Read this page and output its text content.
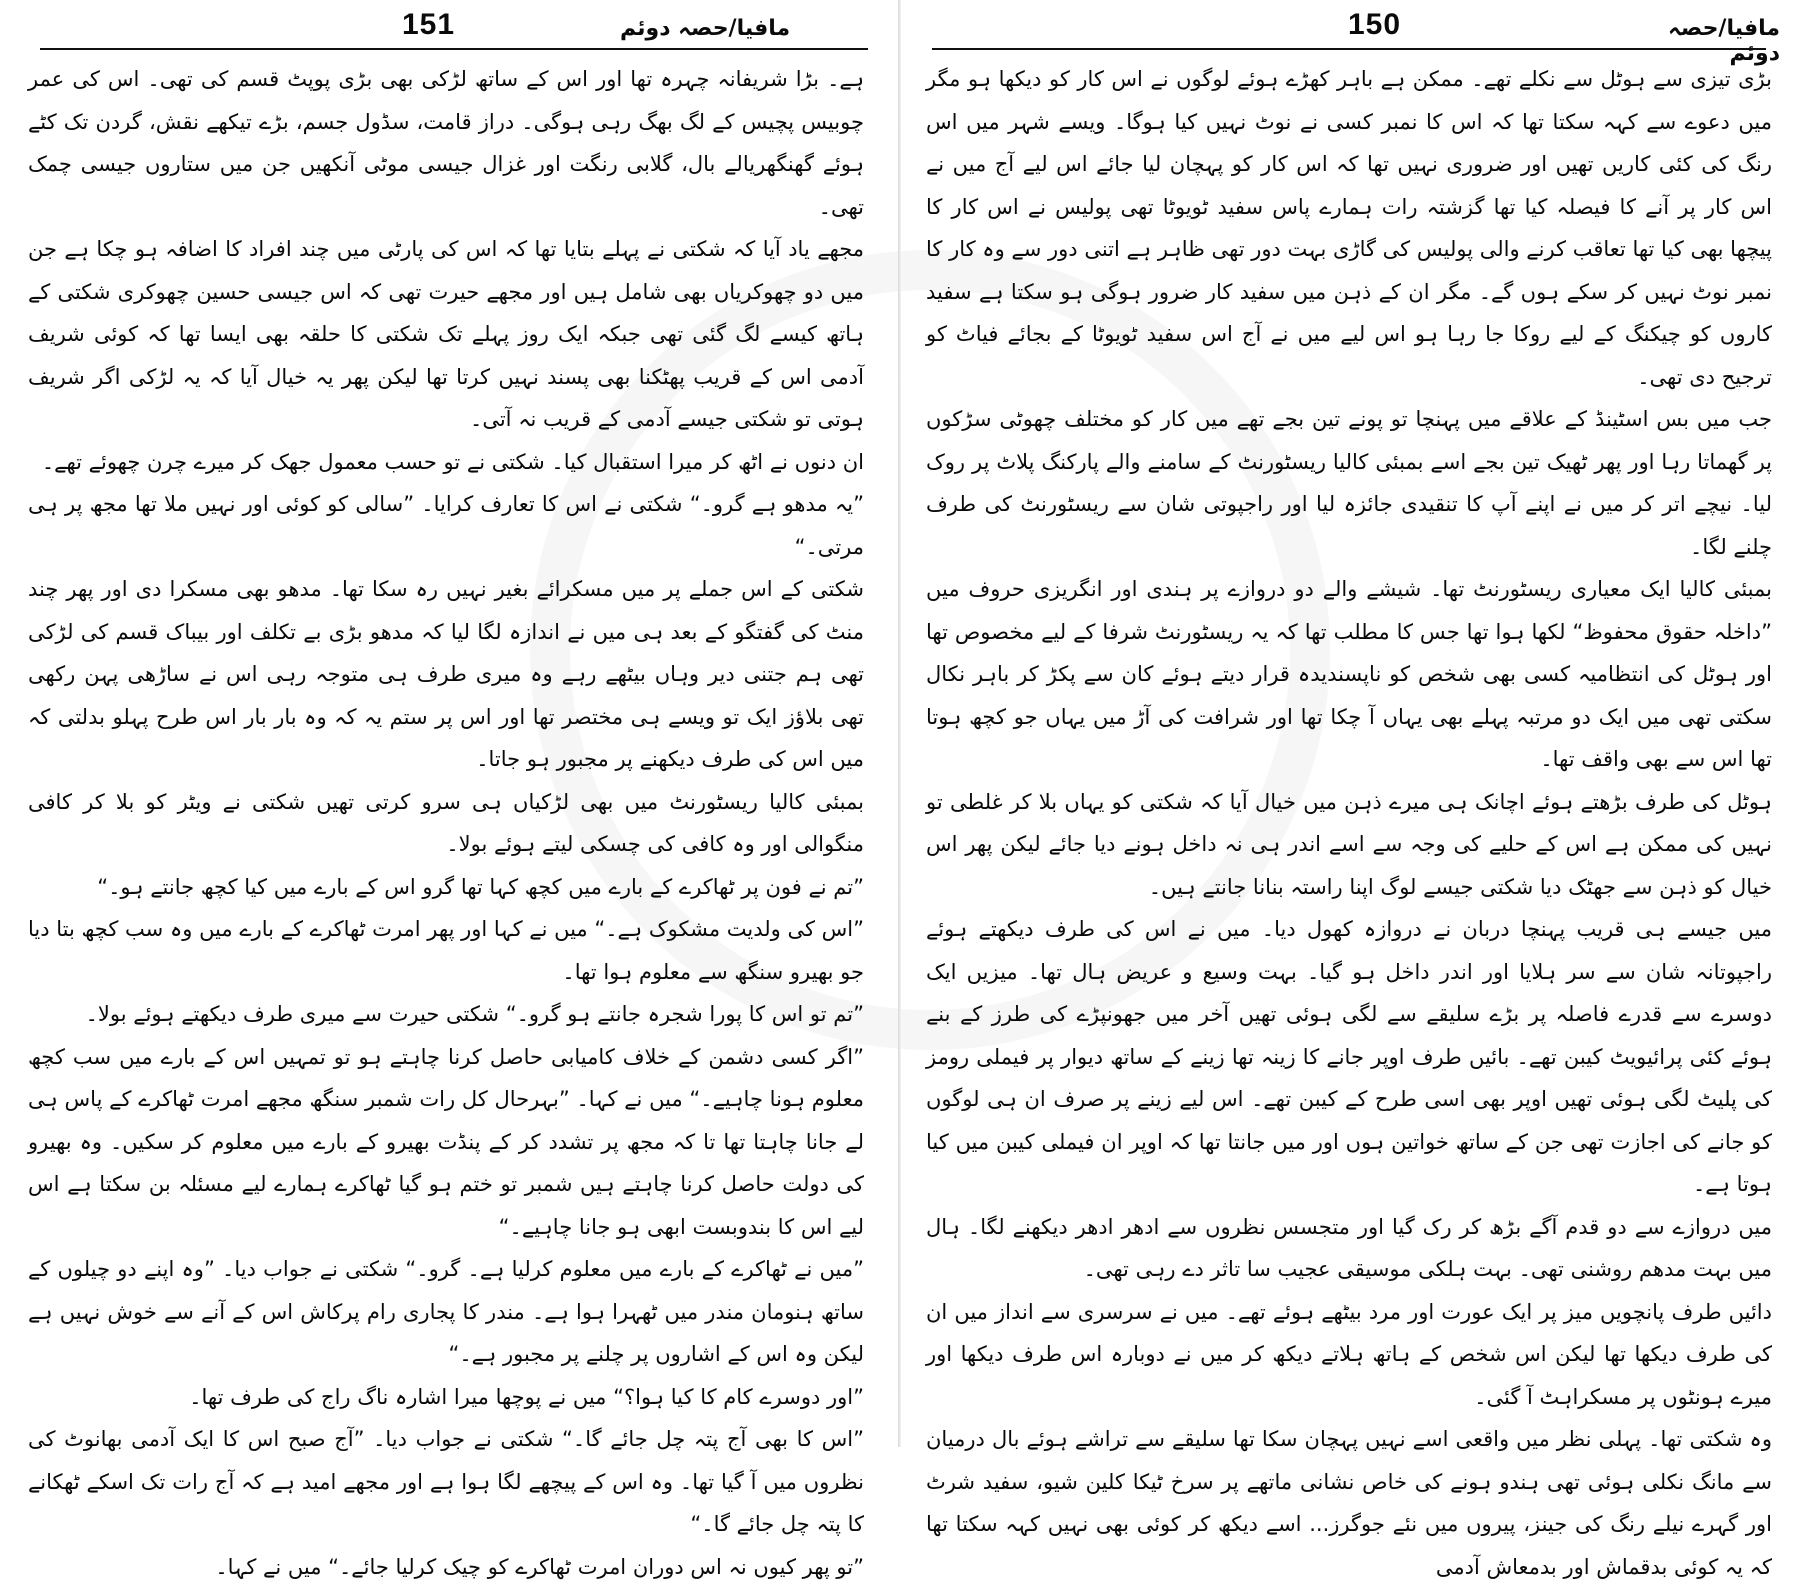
151	مافیا/حصہ دوئم

ہے۔ بڑا شریفانہ چہرہ تھا اور اس کے ساتھ لڑکی بھی بڑی پوپٹ قسم کی تھی۔ اس کی عمر چوبیس پچیس کے لگ بھگ رہی ہوگی۔ دراز قامت، سڈول جسم، بڑے تیکھے نقش، گردن تک کٹے ہوئے گھنگھریالے بال، گلابی رنگت اور غزال جیسی موٹی آنکھیں جن میں ستاروں جیسی چمک تھی۔

مجھے یاد آیا کہ شکتی نے پہلے بتایا تھا کہ اس کی پارٹی میں چند افراد کا اضافہ ہو چکا ہے جن میں دو چھوکریاں بھی شامل ہیں اور مجھے حیرت تھی کہ اس جیسی حسین چھوکری شکتی کے ہاتھ کیسے لگ گئی تھی جبکہ ایک روز پہلے تک شکتی کا حلقہ بھی ایسا تھا کہ کوئی شریف آدمی اس کے قریب پھٹکنا بھی پسند نہیں کرتا تھا لیکن پھر یہ خیال آیا کہ یہ لڑکی اگر شریف ہوتی تو شکتی جیسے آدمی کے قریب نہ آتی۔

ان دنوں نے اٹھ کر میرا استقبال کیا۔ شکتی نے تو حسب معمول جھک کر میرے چرن چھوئے تھے۔

”یہ مدھو ہے گرو۔“ شکتی نے اس کا تعارف کرایا۔ ”سالی کو کوئی اور نہیں ملا تھا مجھ پر ہی مرتی۔“

شکتی کے اس جملے پر میں مسکرائے بغیر نہیں رہ سکا تھا۔ مدھو بھی مسکرا دی اور پھر چند منٹ کی گفتگو کے بعد ہی میں نے اندازہ لگا لیا کہ مدھو بڑی بے تکلف اور بیباک قسم کی لڑکی تھی ہم جتنی دیر وہاں بیٹھے رہے وہ میری طرف ہی متوجہ رہی اس نے ساڑھی پہن رکھی تھی بلاؤز ایک تو ویسے ہی مختصر تھا اور اس پر ستم یہ کہ وہ بار بار اس طرح پہلو بدلتی کہ میں اس کی طرف دیکھنے پر مجبور ہو جاتا۔

بمبئی کالیا ریسٹورنٹ میں بھی لڑکیاں ہی سرو کرتی تھیں شکتی نے ویٹر کو بلا کر کافی منگوالی اور وہ کافی کی چسکی لیتے ہوئے بولا۔

”تم نے فون پر ٹھاکرے کے بارے میں کچھ کہا تھا گرو اس کے بارے میں کیا کچھ جانتے ہو۔“

”اس کی ولدیت مشکوک ہے۔“ میں نے کہا اور پھر امرت ٹھاکرے کے بارے میں وہ سب کچھ بتا دیا جو بھیرو سنگھ سے معلوم ہوا تھا۔

”تم تو اس کا پورا شجرہ جانتے ہو گرو۔“ شکتی حیرت سے میری طرف دیکھتے ہوئے بولا۔

”اگر کسی دشمن کے خلاف کامیابی حاصل کرنا چاہتے ہو تو تمہیں اس کے بارے میں سب کچھ معلوم ہونا چاہیے۔“ میں نے کہا۔ ”بہرحال کل رات شمبر سنگھ مجھے امرت ٹھاکرے کے پاس ہی لے جانا چاہتا تھا تا کہ مجھ پر تشدد کر کے پنڈت بھیرو کے بارے میں معلوم کر سکیں۔ وہ بھیرو کی دولت حاصل کرنا چاہتے ہیں شمبر تو ختم ہو گیا ٹھاکرے ہمارے لیے مسئلہ بن سکتا ہے اس لیے اس کا بندوبست ابھی ہو جانا چاہیے۔“

”میں نے ٹھاکرے کے بارے میں معلوم کرلیا ہے۔ گرو۔“ شکتی نے جواب دیا۔ ”وہ اپنے دو چیلوں کے ساتھ ہنومان مندر میں ٹھہرا ہوا ہے۔ مندر کا پجاری رام پرکاش اس کے آنے سے خوش نہیں ہے لیکن وہ اس کے اشاروں پر چلنے پر مجبور ہے۔“

”اور دوسرے کام کا کیا ہوا؟“ میں نے پوچھا میرا اشارہ ناگ راج کی طرف تھا۔

”اس کا بھی آج پتہ چل جائے گا۔“ شکتی نے جواب دیا۔ ”آج صبح اس کا ایک آدمی بھانوٹ کی نظروں میں آ گیا تھا۔ وہ اس کے پیچھے لگا ہوا ہے اور مجھے امید ہے کہ آج رات تک اسکے ٹھکانے کا پتہ چل جائے گا۔“

”تو پھر کیوں نہ اس دوران امرت ٹھاکرے کو چیک کرلیا جائے۔“ میں نے کہا۔

150	مافیا/حصہ دوئم

بڑی تیزی سے ہوٹل سے نکلے تھے۔ ممکن ہے باہر کھڑے ہوئے لوگوں نے اس کار کو دیکھا ہو مگر میں دعوے سے کہہ سکتا تھا کہ اس کا نمبر کسی نے نوٹ نہیں کیا ہوگا۔ ویسے شہر میں اس رنگ کی کئی کاریں تھیں اور ضروری نہیں تھا کہ اس کار کو پہچان لیا جائے اس لیے آج میں نے اس کار پر آنے کا فیصلہ کیا تھا گزشتہ رات ہمارے پاس سفید ٹویوٹا تھی پولیس نے اس کار کا پیچھا بھی کیا تھا تعاقب کرنے والی پولیس کی گاڑی بہت دور تھی ظاہر ہے اتنی دور سے وہ کار کا نمبر نوٹ نہیں کر سکے ہوں گے۔ مگر ان کے ذہن میں سفید کار ضرور ہوگی ہو سکتا ہے سفید کاروں کو چیکنگ کے لیے روکا جا رہا ہو اس لیے میں نے آج اس سفید ٹویوٹا کے بجائے فیاٹ کو ترجیح دی تھی۔

جب میں بس اسٹینڈ کے علاقے میں پہنچا تو پونے تین بجے تھے میں کار کو مختلف چھوٹی سڑکوں پر گھماتا رہا اور پھر ٹھیک تین بجے اسے بمبئی کالیا ریسٹورنٹ کے سامنے والے پارکنگ پلاٹ پر روک لیا۔ نیچے اتر کر میں نے اپنے آپ کا تنقیدی جائزہ لیا اور راجپوتی شان سے ریسٹورنٹ کی طرف چلنے لگا۔

بمبئی کالیا ایک معیاری ریسٹورنٹ تھا۔ شیشے والے دو دروازے پر ہندی اور انگریزی حروف میں ”داخلہ حقوق محفوظ“ لکھا ہوا تھا جس کا مطلب تھا کہ یہ ریسٹورنٹ شرفا کے لیے مخصوص تھا اور ہوٹل کی انتظامیہ کسی بھی شخص کو ناپسندیدہ قرار دیتے ہوئے کان سے پکڑ کر باہر نکال سکتی تھی میں ایک دو مرتبہ پہلے بھی یہاں آ چکا تھا اور شرافت کی آڑ میں یہاں جو کچھ ہوتا تھا اس سے بھی واقف تھا۔

ہوٹل کی طرف بڑھتے ہوئے اچانک ہی میرے ذہن میں خیال آیا کہ شکتی کو یہاں بلا کر غلطی تو نہیں کی ممکن ہے اس کے حلیے کی وجہ سے اسے اندر ہی نہ داخل ہونے دیا جائے لیکن پھر اس خیال کو ذہن سے جھٹک دیا شکتی جیسے لوگ اپنا راستہ بنانا جانتے ہیں۔

میں جیسے ہی قریب پہنچا دربان نے دروازہ کھول دیا۔ میں نے اس کی طرف دیکھتے ہوئے راجپوتانہ شان سے سر ہلایا اور اندر داخل ہو گیا۔ بہت وسیع و عریض ہال تھا۔ میزیں ایک دوسرے سے قدرے فاصلہ پر بڑے سلیقے سے لگی ہوئی تھیں آخر میں جھونپڑے کی طرز کے بنے ہوئے کئی پرائیویٹ کیبن تھے۔ بائیں طرف اوپر جانے کا زینہ تھا زینے کے ساتھ دیوار پر فیملی رومز کی پلیٹ لگی ہوئی تھیں اوپر بھی اسی طرح کے کیبن تھے۔ اس لیے زینے پر صرف ان ہی لوگوں کو جانے کی اجازت تھی جن کے ساتھ خواتین ہوں اور میں جانتا تھا کہ اوپر ان فیملی کیبن میں کیا ہوتا ہے۔

میں دروازے سے دو قدم آگے بڑھ کر رک گیا اور متجسس نظروں سے ادھر ادھر دیکھنے لگا۔ ہال میں بہت مدھم روشنی تھی۔ بہت ہلکی موسیقی عجیب سا تاثر دے رہی تھی۔

دائیں طرف پانچویں میز پر ایک عورت اور مرد بیٹھے ہوئے تھے۔ میں نے سرسری سے انداز میں ان کی طرف دیکھا تھا لیکن اس شخص کے ہاتھ ہلاتے دیکھ کر میں نے دوبارہ اس طرف دیکھا اور میرے ہونٹوں پر مسکراہٹ آ گئی۔

وہ شکتی تھا۔ پہلی نظر میں واقعی اسے نہیں پہچان سکا تھا سلیقے سے تراشے ہوئے بال درمیان سے مانگ نکلی ہوئی تھی ہندو ہونے کی خاص نشانی ماتھے پر سرخ ٹیکا کلین شیو، سفید شرٹ اور گہرے نیلے رنگ کی جینز، پیروں میں نئے جوگرز... اسے دیکھ کر کوئی بھی نہیں کہہ سکتا تھا کہ یہ کوئی بدقماش اور بدمعاش آدمی
